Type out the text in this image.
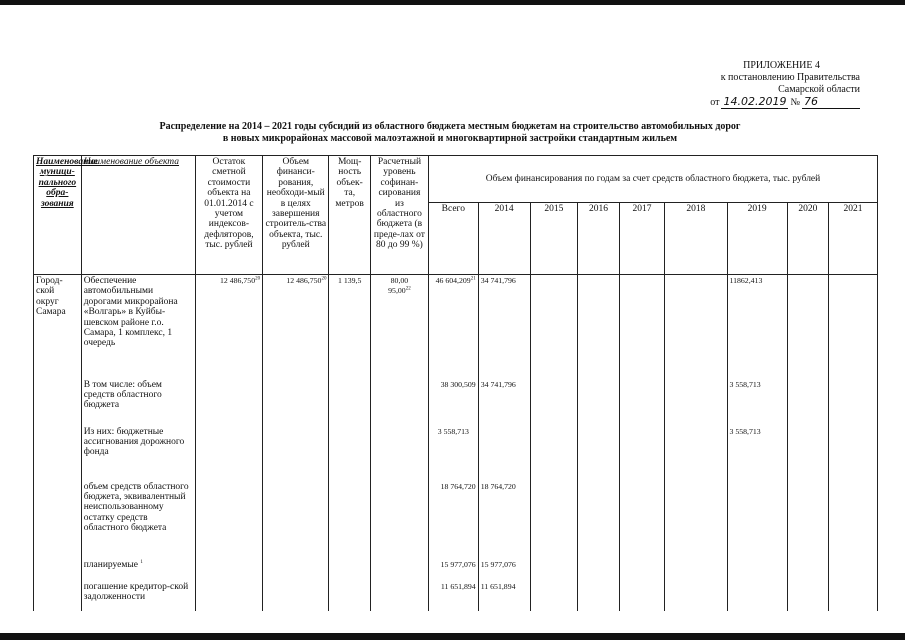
ПРИЛОЖЕНИЕ 4
к постановлению Правительства
Самарской области
от 14.02.2019 № 76
Распределение на 2014 – 2021 годы субсидий из областного бюджета местным бюджетам на строительство автомобильных дорог
в новых микрорайонах массовой малоэтажной и многоквартирной застройки стандартным жильем
Наименование муници-пального обра-зования	Наименование объекта	Остаток сметной стоимости объекта на 01.01.2014 с учетом индексов-дефляторов, тыс. рублей	Объем финанси-рования, необходи-мый в целях завершения строитель-ства объекта, тыс. рублей	Мощ-ность объек-та, метров	Расчетный уровень софинан-сирования из областного бюджета (в преде-лах от 80 до 99 %)	Объем финансирования по годам за счет средств областного бюджета, тыс. рублей								
						Всего	2014	2015	2016	2017	2018	2019	2020	2021
Город-ской округ Самара	Обеспечение автомобильными дорогами микрорайона «Волгарь» в Куйбы-шевском районе г.о. Самара, 1 комплекс, 1 очередь	12 486,750$^{20}$	12 486,750$^{20}$	1 139,5	80,00
95,00$^{22}$	46 604,209$^{21}$	34 741,796					11862,413		
	В том числе: объем средств областного бюджета					38 300,509	34 741,796					3 558,713		
	Из них: бюджетные ассигнования дорожного фонда					3 558,713						3 558,713		
	объем средств областного бюджета, эквивалентный неиспользованному остатку средств областного бюджета					18 764,720	18 764,720							
	планируемые $^1$					15 977,076	15 977,076							
	погашение кредитор-ской задолженности					11 651,894	11 651,894							
